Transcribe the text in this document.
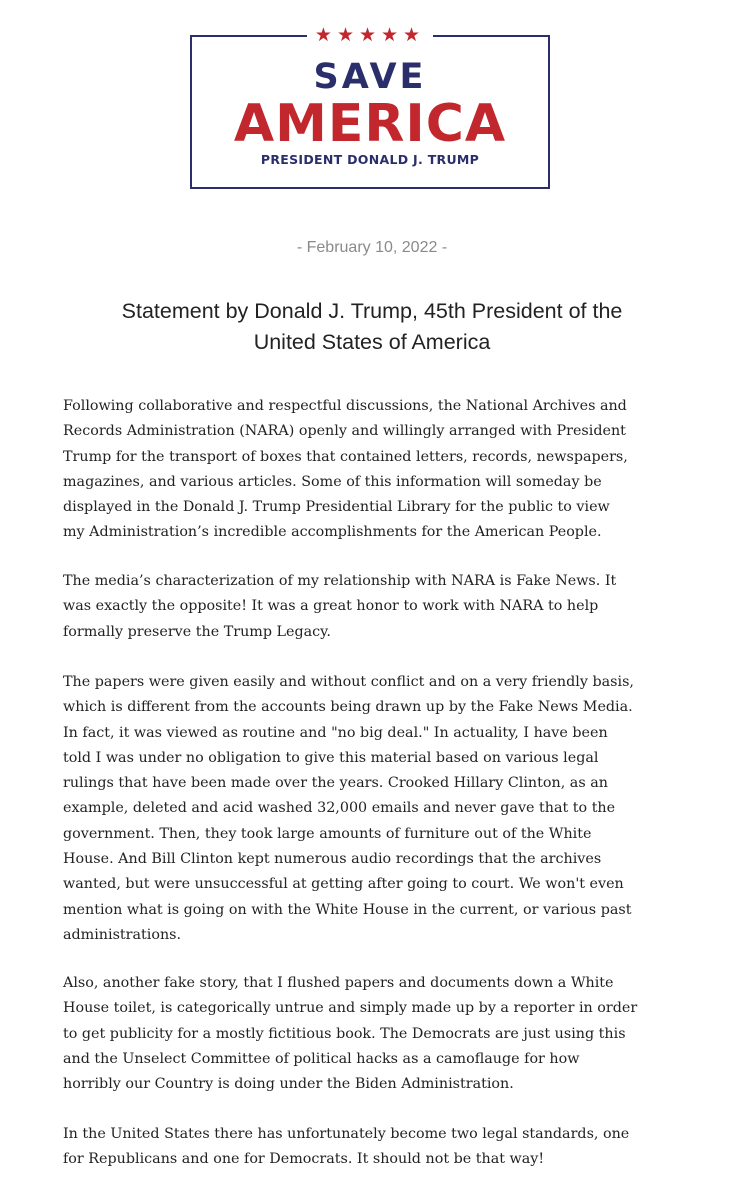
★★★★★
SAVE
AMERICA
PRESIDENT DONALD J. TRUMP
- February 10, 2022 -
Statement by Donald J. Trump, 45th President of the
United States of America

Following collaborative and respectful discussions, the National Archives and
Records Administration (NARA) openly and willingly arranged with President
Trump for the transport of boxes that contained letters, records, newspapers,
magazines, and various articles. Some of this information will someday be
displayed in the Donald J. Trump Presidential Library for the public to view
my Administration’s incredible accomplishments for the American People.

The media’s characterization of my relationship with NARA is Fake News. It
was exactly the opposite! It was a great honor to work with NARA to help
formally preserve the Trump Legacy.

The papers were given easily and without conflict and on a very friendly basis,
which is different from the accounts being drawn up by the Fake News Media.
In fact, it was viewed as routine and "no big deal." In actuality, I have been
told I was under no obligation to give this material based on various legal
rulings that have been made over the years. Crooked Hillary Clinton, as an
example, deleted and acid washed 32,000 emails and never gave that to the
government. Then, they took large amounts of furniture out of the White
House. And Bill Clinton kept numerous audio recordings that the archives
wanted, but were unsuccessful at getting after going to court. We won't even
mention what is going on with the White House in the current, or various past
administrations.

Also, another fake story, that I flushed papers and documents down a White
House toilet, is categorically untrue and simply made up by a reporter in order
to get publicity for a mostly fictitious book. The Democrats are just using this
and the Unselect Committee of political hacks as a camoflauge for how
horribly our Country is doing under the Biden Administration.

In the United States there has unfortunately become two legal standards, one
for Republicans and one for Democrats. It should not be that way!
